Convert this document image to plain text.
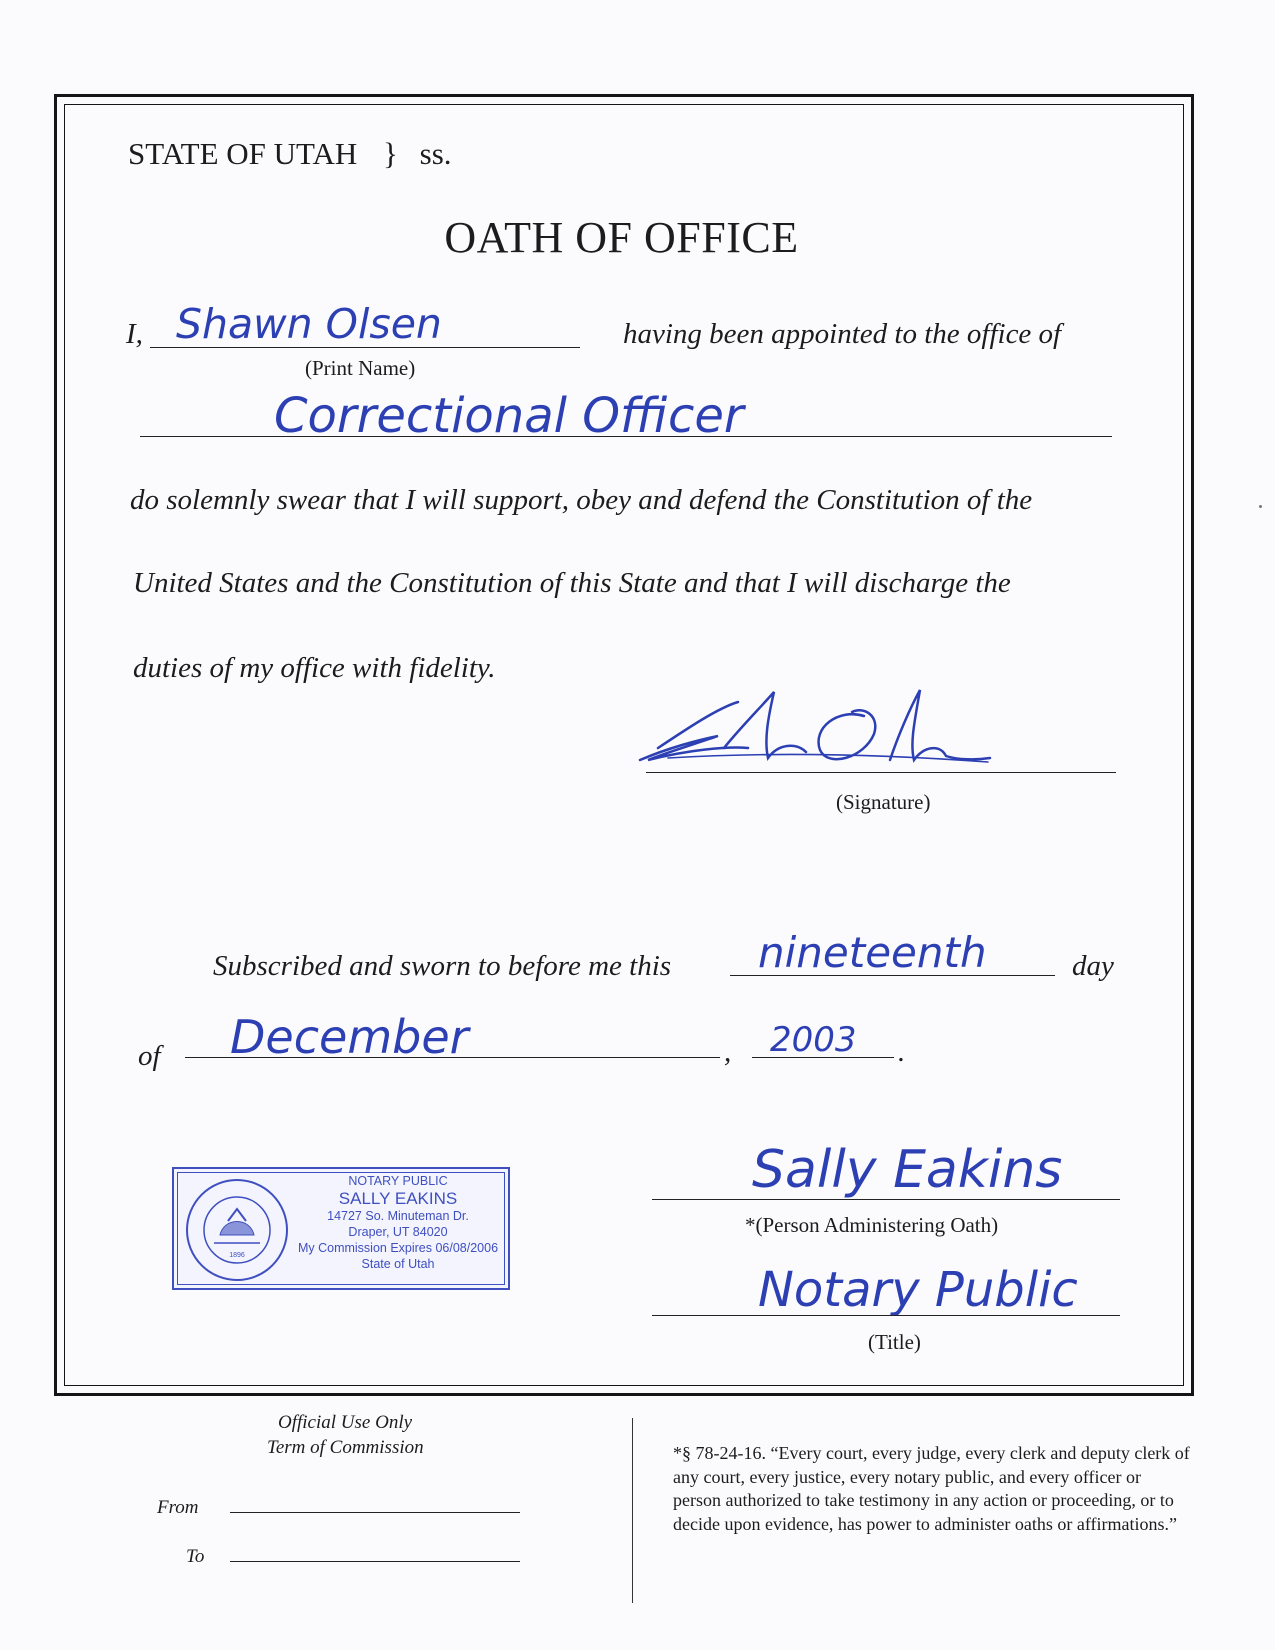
STATE OF UTAH } ss.
OATH OF OFFICE
I, Shawn Olsen	having been appointed to the office of
(Print Name)
Correctional Officer
do solemnly swear that I will support, obey and defend the Constitution of the
United States and the Constitution of this State and that I will discharge the
duties of my office with fidelity.
(Signature)
Subscribed and sworn to before me this nineteenth	day
of December	, 2003 .
1896
NOTARY PUBLIC
SALLY EAKINS
14727 So. Minuteman Dr.
Draper, UT 84020
My Commission Expires 06/08/2006
State of Utah
Sally Eakins
*(Person Administering Oath)
Notary Public
(Title)
Official Use Only
Term of Commission
From
To
*§ 78-24-16. “Every court, every judge, every clerk and deputy clerk of any court, every justice, every notary public, and every officer or person authorized to take testimony in any action or proceeding, or to decide upon evidence, has power to administer oaths or affirmations.”
